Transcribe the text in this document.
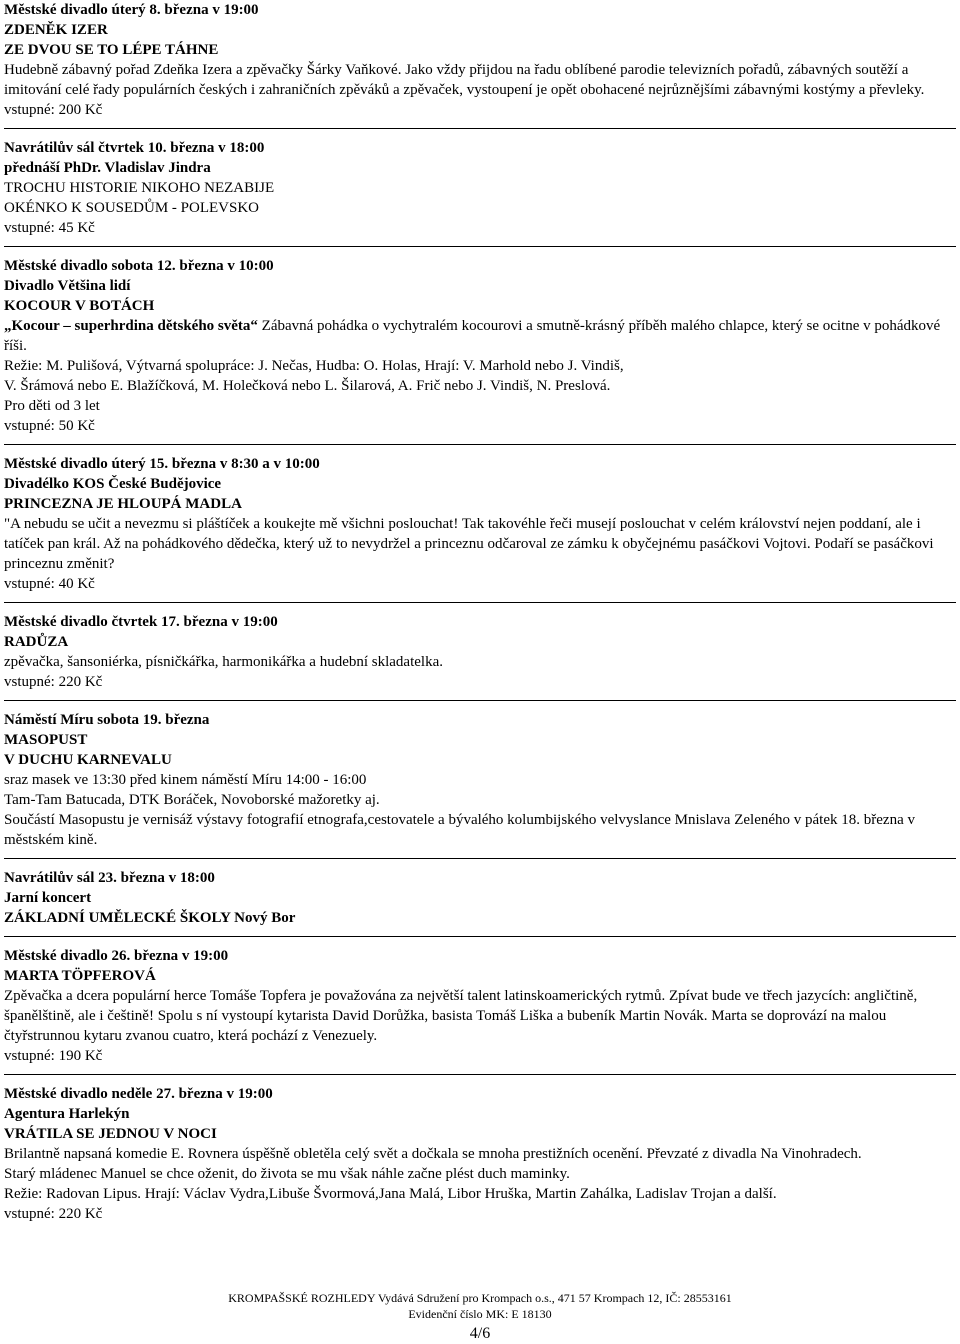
Městské divadlo úterý 8. března v 19:00
ZDENĚK IZER
ZE DVOU SE TO LÉPE TÁHNE
Hudebně zábavný pořad Zdeňka Izera a zpěvačky Šárky Vaňkové. Jako vždy přijdou na řadu oblíbené parodie televizních pořadů, zábavných soutěží a imitování celé řady populárních českých i zahraničních zpěváků a zpěvaček, vystoupení je opět obohacené nejrůznějšími zábavnými kostýmy a převleky.
vstupné: 200 Kč
Navrátilův sál čtvrtek 10. března v 18:00
přednáší PhDr. Vladislav Jindra
TROCHU HISTORIE NIKOHO NEZABIJE
OKÉNKO K SOUSEDŮM - POLEVSKO
vstupné: 45 Kč
Městské divadlo sobota 12. března v 10:00
Divadlo Většina lidí
KOCOUR V BOTÁCH
„Kocour – superhrdina dětského světa“ Zábavná pohádka o vychytralém kocourovi a smutně-krásný příběh malého chlapce, který se ocitne v pohádkové říši.
Režie: M. Pulišová, Výtvarná spolupráce: J. Nečas, Hudba: O. Holas, Hrají: V. Marhold nebo J. Vindiš,
V. Šrámová nebo E. Blažíčková, M. Holečková nebo L. Šilarová, A. Frič nebo J. Vindiš, N. Preslová.
Pro děti od 3 let
vstupné: 50 Kč
Městské divadlo úterý 15. března v 8:30 a v 10:00
Divadélko KOS České Budějovice
PRINCEZNA JE HLOUPÁ MADLA
"A nebudu se učit a nevezmu si pláštíček a koukejte mě všichni poslouchat! Tak takovéhle řeči musejí poslouchat v celém království nejen poddaní, ale i tatíček pan král. Až na pohádkového dědečka, který už to nevydržel a princeznu odčaroval ze zámku k obyčejnému pasáčkovi Vojtovi. Podaří se pasáčkovi princeznu změnit?
vstupné: 40 Kč
Městské divadlo čtvrtek 17. března v 19:00
RADŮZA
zpěvačka, šansoniérka, písničkářka, harmonikářka a hudební skladatelka.
vstupné: 220 Kč
Náměstí Míru sobota 19. března
MASOPUST
V DUCHU KARNEVALU
sraz masek ve 13:30 před kinem náměstí Míru 14:00 - 16:00
Tam-Tam Batucada, DTK Boráček, Novoborské mažoretky aj.
Součástí Masopustu je vernisáž výstavy fotografií etnografa,cestovatele a bývalého kolumbijského velvyslance Mnislava Zeleného v pátek 18. března v městském kině.
Navrátilův sál 23. března v 18:00
Jarní koncert
ZÁKLADNÍ UMĚLECKÉ ŠKOLY Nový Bor
Městské divadlo 26. března v 19:00
MARTA TÖPFEROVÁ
Zpěvačka a dcera populární herce Tomáše Topfera je považována za největší talent latinskoamerických rytmů. Zpívat bude ve třech jazycích: angličtině, španělštině, ale i češtině! Spolu s ní vystoupí kytarista David Dorůžka, basista Tomáš Liška a bubeník Martin Novák. Marta se doprovází na malou čtyřstrunnou kytaru zvanou cuatro, která pochází z Venezuely.
vstupné: 190 Kč
Městské divadlo neděle 27. března v 19:00
Agentura Harlekýn
VRÁTILA SE JEDNOU V NOCI
Brilantně napsaná komedie E. Rovnera úspěšně obletěla celý svět a dočkala se mnoha prestižních ocenění. Převzaté z divadla Na Vinohradech.
Starý mládenec Manuel se chce oženit, do života se mu však náhle začne plést duch maminky.
Režie: Radovan Lipus. Hrají: Václav Vydra,Libuše Švormová,Jana Malá, Libor Hruška, Martin Zahálka, Ladislav Trojan a další.
vstupné: 220 Kč
KROMPAŠSKÉ ROZHLEDY Vydává Sdružení pro Krompach o.s., 471 57 Krompach 12, IČ: 28553161
Evidenční číslo MK: E 18130
4/6
